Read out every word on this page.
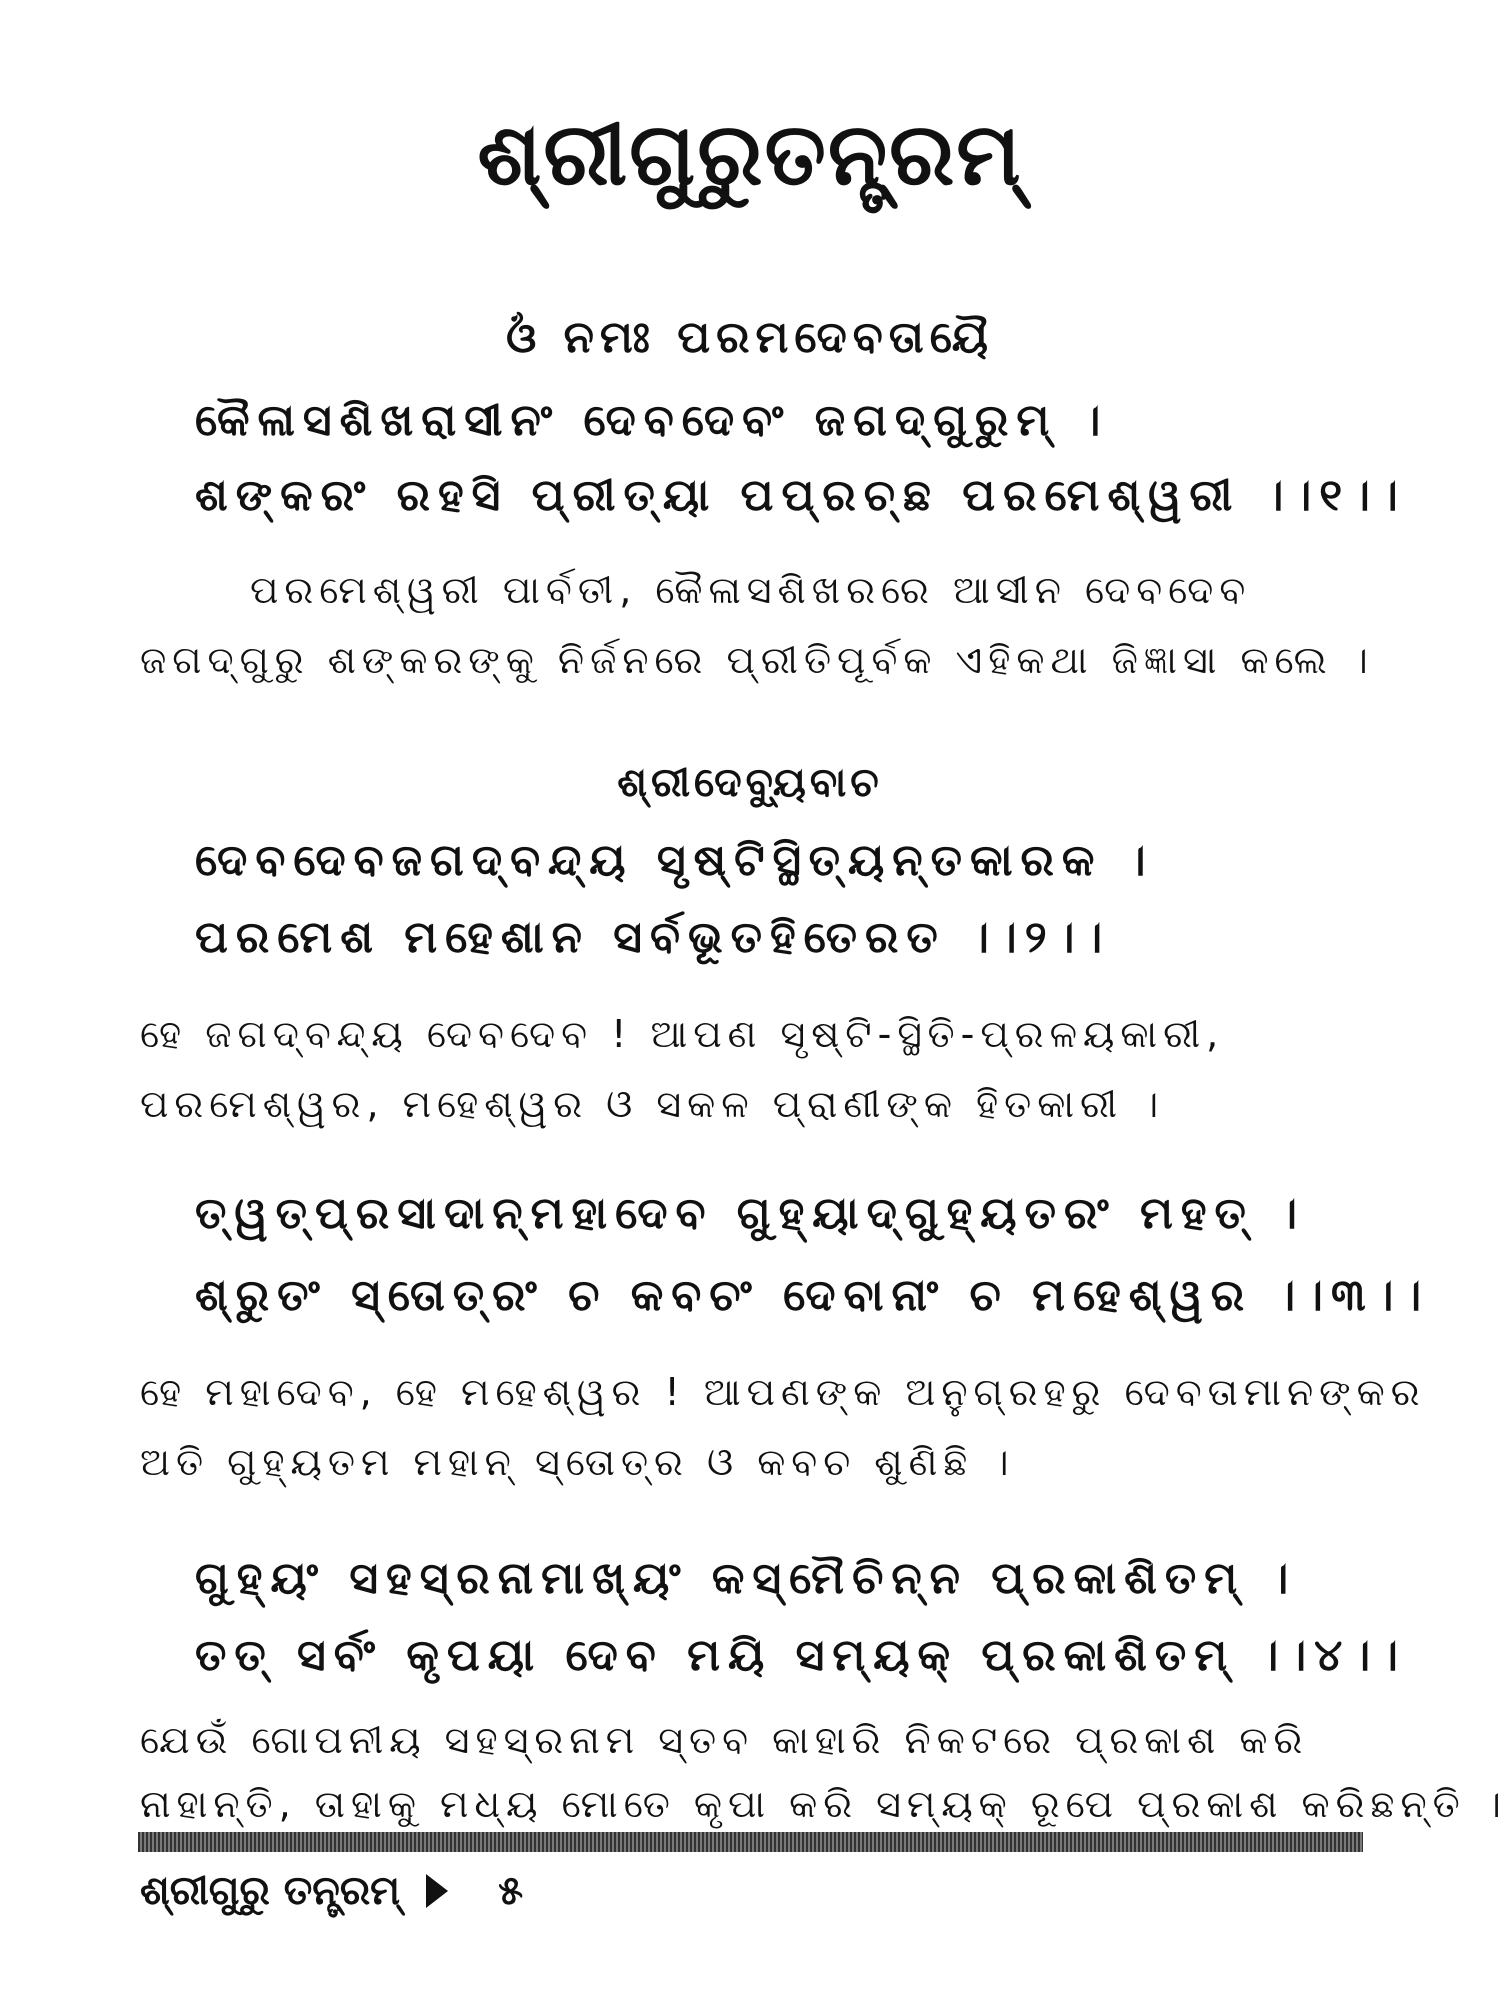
ଶ୍ରୀଗୁରୁତନ୍ତ୍ରମ୍
ଓଁ ନମଃ ପରମଦେବତାୟୈ
କୈଳାସଶିଖରାସୀନଂ ଦେବଦେବଂ ଜଗଦ୍‌ଗୁରୁମ୍ ।
ଶଙ୍କରଂ ରହସି ପ୍ରୀତ୍ୟା ପପ୍ରଚ୍ଛ ପରମେଶ୍ୱରୀ ।।୧।।
ପରମେଶ୍ୱରୀ ପାର୍ବତୀ, କୈଳାସଶିଖରରେ ଆସୀନ ଦେବଦେବ
ଜଗଦ୍‌ଗୁରୁ ଶଙ୍କରଙ୍କୁ ନିର୍ଜନରେ ପ୍ରୀତିପୂର୍ବକ ଏହିକଥା ଜିଜ୍ଞାସା କଲେ ।
ଶ୍ରୀଦେବ୍ୟୁବାଚ
ଦେବଦେବଜଗଦ୍‌ବନ୍ଦ୍ୟ ସୃଷ୍ଟିସ୍ଥିତ୍ୟନ୍ତକାରକ ।
ପରମେଶ ମହେଶାନ ସର୍ବଭୂତହିତେରତ ।।୨।।
ହେ ଜଗଦ୍‌ବନ୍ଦ୍ୟ ଦେବଦେବ ! ଆପଣ ସୃଷ୍ଟି-ସ୍ଥିତି-ପ୍ରଳୟକାରୀ,
ପରମେଶ୍ୱର, ମହେଶ୍ୱର ଓ ସକଳ ପ୍ରାଣୀଙ୍କ ହିତକାରୀ ।
ତ୍ୱତ୍‌ପ୍ରସାଦାନ୍ମହାଦେବ ଗୁହ୍ୟାଦ୍‌ଗୁହ୍ୟତରଂ ମହତ୍ ।
ଶ୍ରୁତଂ ସ୍ତୋତ୍ରଂ ଚ କବଚଂ ଦେବାନାଂ ଚ ମହେଶ୍ୱର ।।୩।।
ହେ ମହାଦେବ, ହେ ମହେଶ୍ୱର ! ଆପଣଙ୍କ ଅନୁଗ୍ରହରୁ ଦେବତାମାନଙ୍କର
ଅତି ଗୁହ୍ୟତମ ମହାନ୍ ସ୍ତୋତ୍ର ଓ କବଚ ଶୁଣିଛି ।
ଗୁହ୍ୟଂ ସହସ୍ରନାମାଖ୍ୟଂ କସ୍ମୈଚିନ୍ନ ପ୍ରକାଶିତମ୍ ।
ତତ୍ ସର୍ବଂ କୃପୟା ଦେବ ମୟି ସମ୍ୟକ୍ ପ୍ରକାଶିତମ୍ ।।୪।।
ଯେଉଁ ଗୋପନୀୟ ସହସ୍ରନାମ ସ୍ତବ କାହାରି ନିକଟରେ ପ୍ରକାଶ କରି
ନାହାନ୍ତି, ତାହାକୁ ମଧ୍ୟ ମୋତେ କୃପା କରି ସମ୍ୟକ୍ ରୂପେ ପ୍ରକାଶ କରିଛନ୍ତି ।
ଶ୍ରୀଗୁରୁ ତନ୍ତ୍ରମ୍ ୫
